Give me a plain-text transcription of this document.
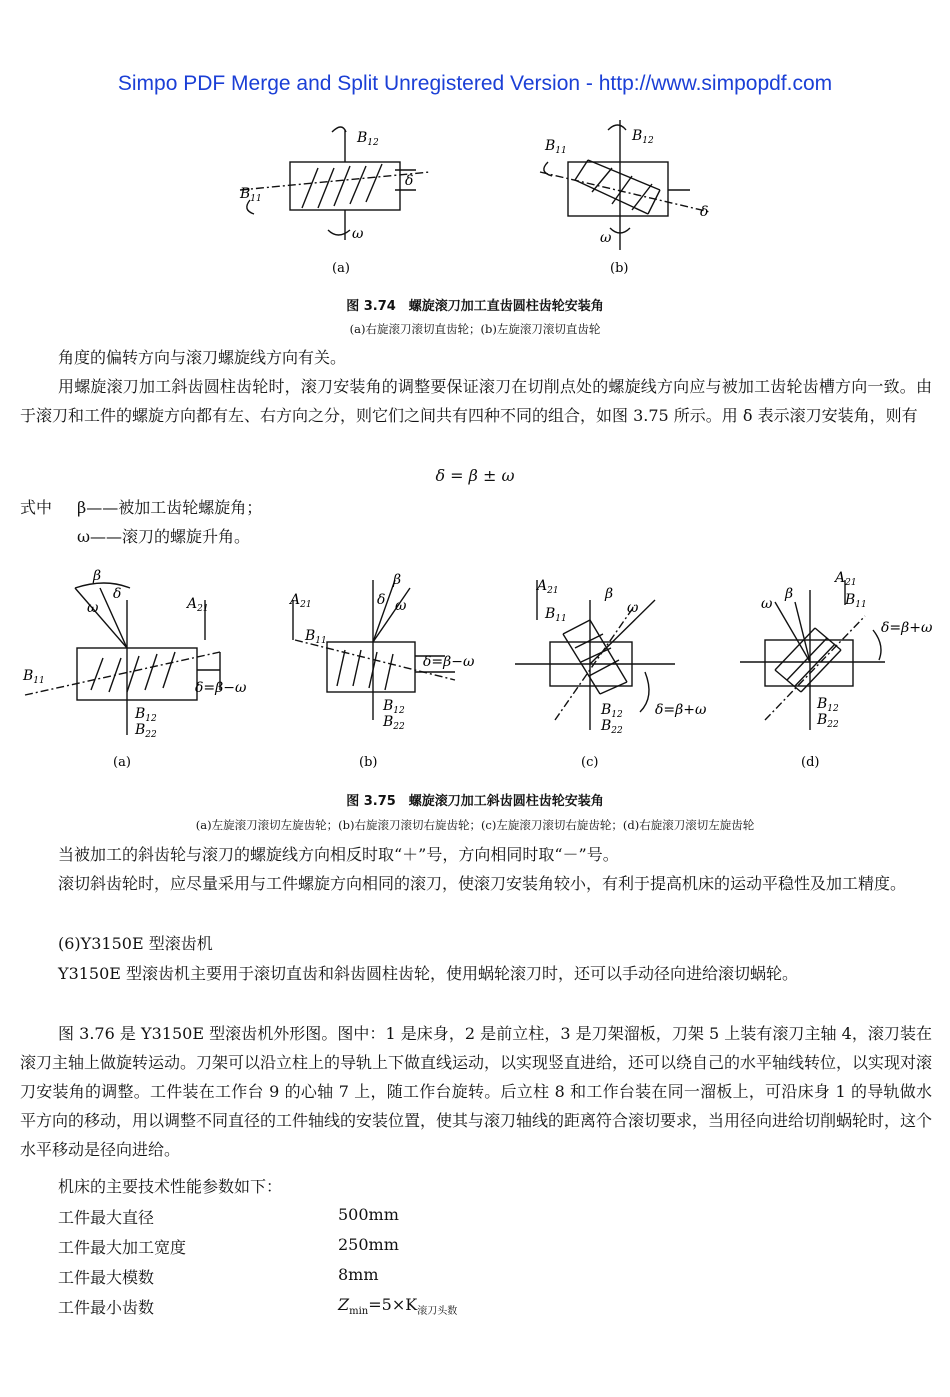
Simpo PDF Merge and Split Unregistered Version - http://www.simpopdf.com
$B_{12}$
$B_{11}$
δ
ω
(a)
$B_{11}$
$B_{12}$
δ
ω
(b)
图 3.74　螺旋滚刀加工直齿圆柱齿轮安装角
(a)右旋滚刀滚切直齿轮；(b)左旋滚刀滚切直齿轮
角度的偏转方向与滚刀螺旋线方向有关。
用螺旋滚刀加工斜齿圆柱齿轮时，滚刀安装角的调整要保证滚刀在切削点处的螺旋线方向应与被加工齿轮齿槽方向一致。由于滚刀和工件的螺旋方向都有左、右方向之分，则它们之间共有四种不同的组合，如图 3.75 所示。用 δ 表示滚刀安装角，则有
δ = β ± ω
式中 β——被加工齿轮螺旋角；
ω——滚刀的螺旋升角。
β
ω
δ
$A_{21}$
$B_{11}$
$B_{12}$
$B_{22}$
δ=β−ω
β
δ ω
$A_{21}$
$B_{11}$
$B_{12}$
$B_{22}$
δ=β−ω
$A_{21}$
$B_{11}$
β
ω
$B_{12}$
$B_{22}$
δ=β+ω
ω
β
$A_{21}$
$B_{11}$
δ=β+ω
$B_{12}$
$B_{22}$
(a)	(b)	(c)	(d)
图 3.75　螺旋滚刀加工斜齿圆柱齿轮安装角
(a)左旋滚刀滚切左旋齿轮；(b)右旋滚刀滚切右旋齿轮；(c)左旋滚刀滚切右旋齿轮；(d)右旋滚刀滚切左旋齿轮
当被加工的斜齿轮与滚刀的螺旋线方向相反时取“＋”号，方向相同时取“－”号。
滚切斜齿轮时，应尽量采用与工件螺旋方向相同的滚刀，使滚刀安装角较小，有利于提高机床的运动平稳性及加工精度。
(6)Y3150E 型滚齿机
Y3150E 型滚齿机主要用于滚切直齿和斜齿圆柱齿轮，使用蜗轮滚刀时，还可以手动径向进给滚切蜗轮。
图 3.76 是 Y3150E 型滚齿机外形图。图中：1 是床身，2 是前立柱，3 是刀架溜板，刀架 5 上装有滚刀主轴 4，滚刀装在滚刀主轴上做旋转运动。刀架可以沿立柱上的导轨上下做直线运动，以实现竖直进给，还可以绕自己的水平轴线转位，以实现对滚刀安装角的调整。工件装在工作台 9 的心轴 7 上，随工作台旋转。后立柱 8 和工作台装在同一溜板上，可沿床身 1 的导轨做水平方向的移动，用以调整不同直径的工件轴线的安装位置，使其与滚刀轴线的距离符合滚切要求，当用径向进给切削蜗轮时，这个水平移动是径向进给。
机床的主要技术性能参数如下：
工件最大直径	500mm
工件最大加工宽度	250mm
工件最大模数	8mm
工件最小齿数	$Z_{min}=5\times K_{滚刀头数}$
